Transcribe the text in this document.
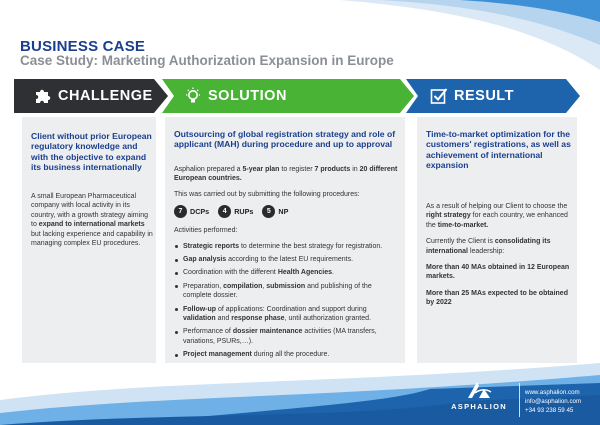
BUSINESS CASE
Case Study: Marketing Authorization Expansion in Europe
CHALLENGE	SOLUTION	RESULT
Client without prior European regulatory knowledge and with the objective to expand its business internationally

A small European Pharmaceutical company with local activity in its country, with a growth strategy aiming to expand to international markets but lacking experience and capability in managing complex EU procedures.

Outsourcing of global registration strategy and role of applicant (MAH) during procedure and up to approval

Asphalion prepared a 5-year plan to register 7 products in 20 different European countries.

This was carried out by submitting the following procedures:

7	DCPs	4	RUPs	5	NP

Activities performed:

Strategic reports to determine the best strategy for registration.
Gap analysis according to the latest EU requirements.
Coordination with the different Health Agencies.
Preparation, compilation, submission and publishing of the complete dossier.
Follow-up of applications: Coordination and support during validation and response phase, until authorization granted.
Performance of dossier maintenance activities (MA transfers, variations, PSURs,…).
Project management during all the procedure.
Time-to-market optimization for the customers' registrations, as well as achievement of international expansion

As a result of helping our Client to choose the right strategy for each country, we enhanced the time-to-market.

Currently the Client is consolidating its international leadership:

More than 40 MAs obtained in 12 European markets.

More than 25 MAs expected to be obtained by 2022

ASPHALION
www.asphalion.com
info@asphalion.com
+34 93 238 59 45
